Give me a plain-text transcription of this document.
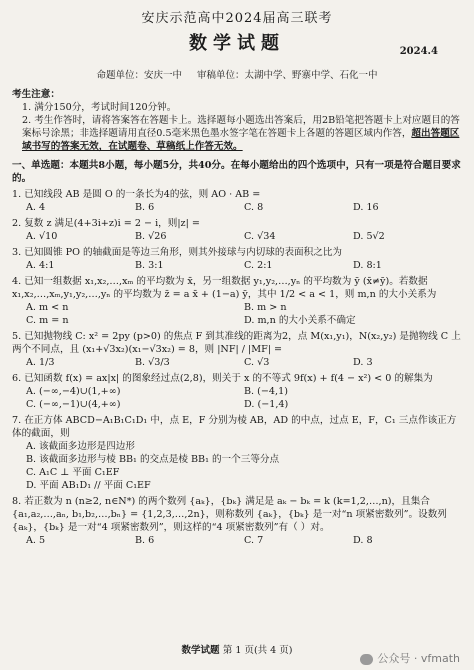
安庆示范高中2024届高三联考
数学试题	2024.4
命题单位：安庆一中 审稿单位：太湖中学、野寨中学、石化一中
考生注意：
1. 满分150分，考试时间120分钟。
2. 考生作答时，请将答案答在答题卡上。选择题每小题选出答案后，用2B铅笔把答题卡上对应题目的答案标号涂黑；非选择题请用直径0.5毫米黑色墨水签字笔在答题卡上各题的答题区域内作答，超出答题区域书写的答案无效，在试题卷、草稿纸上作答无效。
一、单选题：本题共8小题，每小题5分，共40分。在每小题给出的四个选项中，只有一项是符合题目要求的。
1. 已知线段 AB 是圆 O 的一条长为4的弦，则 AO · AB =
A. 4	B. 6	C. 8	D. 16
2. 复数 z 满足(4+3i+z)i = 2 − i，则|z| =
A. √10	B. √26	C. √34	D. 5√2
3. 已知圆锥 PO 的轴截面是等边三角形，则其外接球与内切球的表面积之比为
A. 4:1	B. 3:1	C. 2:1	D. 8:1
4. 已知一组数据 x₁,x₂,…,xₘ 的平均数为 x̄，另一组数据 y₁,y₂,…,yₙ 的平均数为 ȳ (x̄≠ȳ)。若数据 x₁,x₂,…,xₘ,y₁,y₂,…,yₙ 的平均数为 z̄ = a x̄ + (1−a) ȳ，其中 1/2 < a < 1，则 m,n 的大小关系为
A. m < n	B. m > n
C. m = n	D. m,n 的大小关系不确定
5. 已知抛物线 C: x² = 2py (p>0) 的焦点 F 到其准线的距离为2，点 M(x₁,y₁)，N(x₂,y₂) 是抛物线 C 上两个不同点，且 (x₁+√3x₂)(x₁−√3x₂) = 8，则 |NF| / |MF| =
A. 1/3	B. √3/3	C. √3	D. 3
6. 已知函数 f(x) = ax|x| 的图象经过点(2,8)，则关于 x 的不等式 9f(x) + f(4 − x²) < 0 的解集为
A. (−∞,−4)∪(1,+∞)	B. (−4,1)
C. (−∞,−1)∪(4,+∞)	D. (−1,4)
7. 在正方体 ABCD−A₁B₁C₁D₁ 中，点 E，F 分别为棱 AB，AD 的中点，过点 E，F，C₁ 三点作该正方体的截面，则
A. 该截面多边形是四边形
B. 该截面多边形与棱 BB₁ 的交点是棱 BB₁ 的一个三等分点
C. A₁C ⊥ 平面 C₁EF
D. 平面 AB₁D₁ // 平面 C₁EF
8. 若正数为 n (n≥2, n∈N*) 的两个数列 {aₖ}，{bₖ} 满足是 aₖ − bₖ = k (k=1,2,…,n)，且集合 {a₁,a₂,…,aₙ, b₁,b₂,…,bₙ} = {1,2,3,…,2n}，则称数列 {aₖ}，{bₖ} 是一对“n 项紧密数列”。设数列 {aₖ}，{bₖ} 是一对“4 项紧密数列”，则这样的“4 项紧密数列”有（ ）对。
A. 5	B. 6	C. 7	D. 8
数学试题 第 1 页(共 4 页)
公众号 · vfmath
